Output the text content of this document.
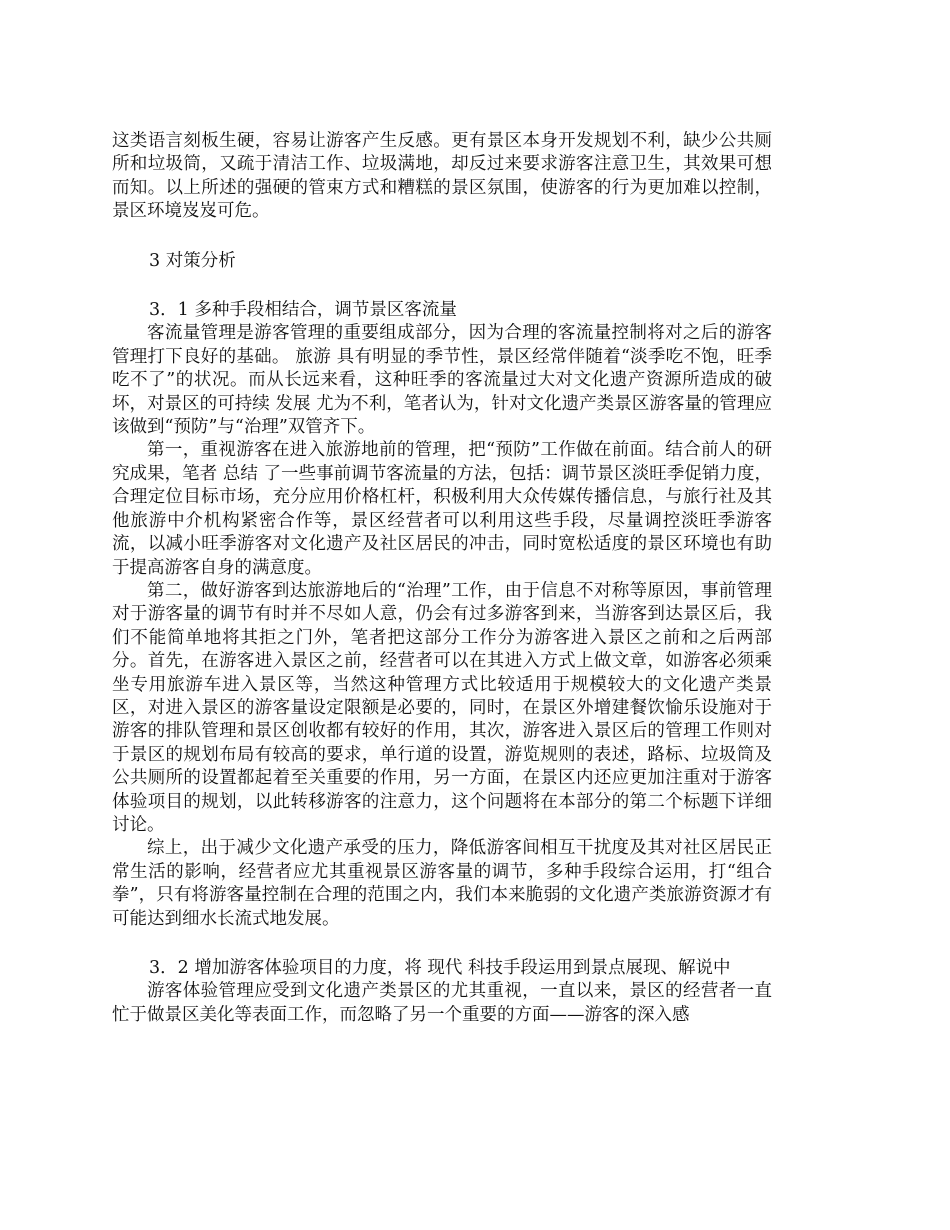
这类语言刻板生硬，容易让游客产生反感。更有景区本身开发规划不利，缺少公共厕所和垃圾筒，又疏于清洁工作、垃圾满地，却反过来要求游客注意卫生，其效果可想而知。以上所述的强硬的管束方式和糟糕的景区氛围，使游客的行为更加难以控制，景区环境岌岌可危。

3 对策分析

3．1 多种手段相结合，调节景区客流量

客流量管理是游客管理的重要组成部分，因为合理的客流量控制将对之后的游客管理打下良好的基础。 旅游 具有明显的季节性，景区经常伴随着“淡季吃不饱，旺季吃不了”的状况。而从长远来看，这种旺季的客流量过大对文化遗产资源所造成的破坏，对景区的可持续 发展 尤为不利，笔者认为，针对文化遗产类景区游客量的管理应该做到“预防”与“治理”双管齐下。

第一，重视游客在进入旅游地前的管理，把“预防”工作做在前面。结合前人的研究成果，笔者 总结 了一些事前调节客流量的方法，包括：调节景区淡旺季促销力度，合理定位目标市场，充分应用价格杠杆，积极利用大众传媒传播信息，与旅行社及其他旅游中介机构紧密合作等，景区经营者可以利用这些手段，尽量调控淡旺季游客流，以减小旺季游客对文化遗产及社区居民的冲击，同时宽松适度的景区环境也有助于提高游客自身的满意度。

第二，做好游客到达旅游地后的“治理”工作，由于信息不对称等原因，事前管理对于游客量的调节有时并不尽如人意，仍会有过多游客到来，当游客到达景区后，我们不能简单地将其拒之门外，笔者把这部分工作分为游客进入景区之前和之后两部分。首先，在游客进入景区之前，经营者可以在其进入方式上做文章，如游客必须乘坐专用旅游车进入景区等，当然这种管理方式比较适用于规模较大的文化遗产类景区，对进入景区的游客量设定限额是必要的，同时，在景区外增建餐饮愉乐设施对于游客的排队管理和景区创收都有较好的作用，其次，游客进入景区后的管理工作则对于景区的规划布局有较高的要求，单行道的设置，游览规则的表述，路标、垃圾筒及公共厕所的设置都起着至关重要的作用，另一方面，在景区内还应更加注重对于游客体验项目的规划，以此转移游客的注意力，这个问题将在本部分的第二个标题下详细讨论。

综上，出于减少文化遗产承受的压力，降低游客间相互干扰度及其对社区居民正常生活的影响，经营者应尤其重视景区游客量的调节，多种手段综合运用，打“组合拳”，只有将游客量控制在合理的范围之内，我们本来脆弱的文化遗产类旅游资源才有可能达到细水长流式地发展。

3．2 增加游客体验项目的力度，将 现代 科技手段运用到景点展现、解说中

游客体验管理应受到文化遗产类景区的尤其重视，一直以来，景区的经营者一直忙于做景区美化等表面工作，而忽略了另一个重要的方面——游客的深入感
